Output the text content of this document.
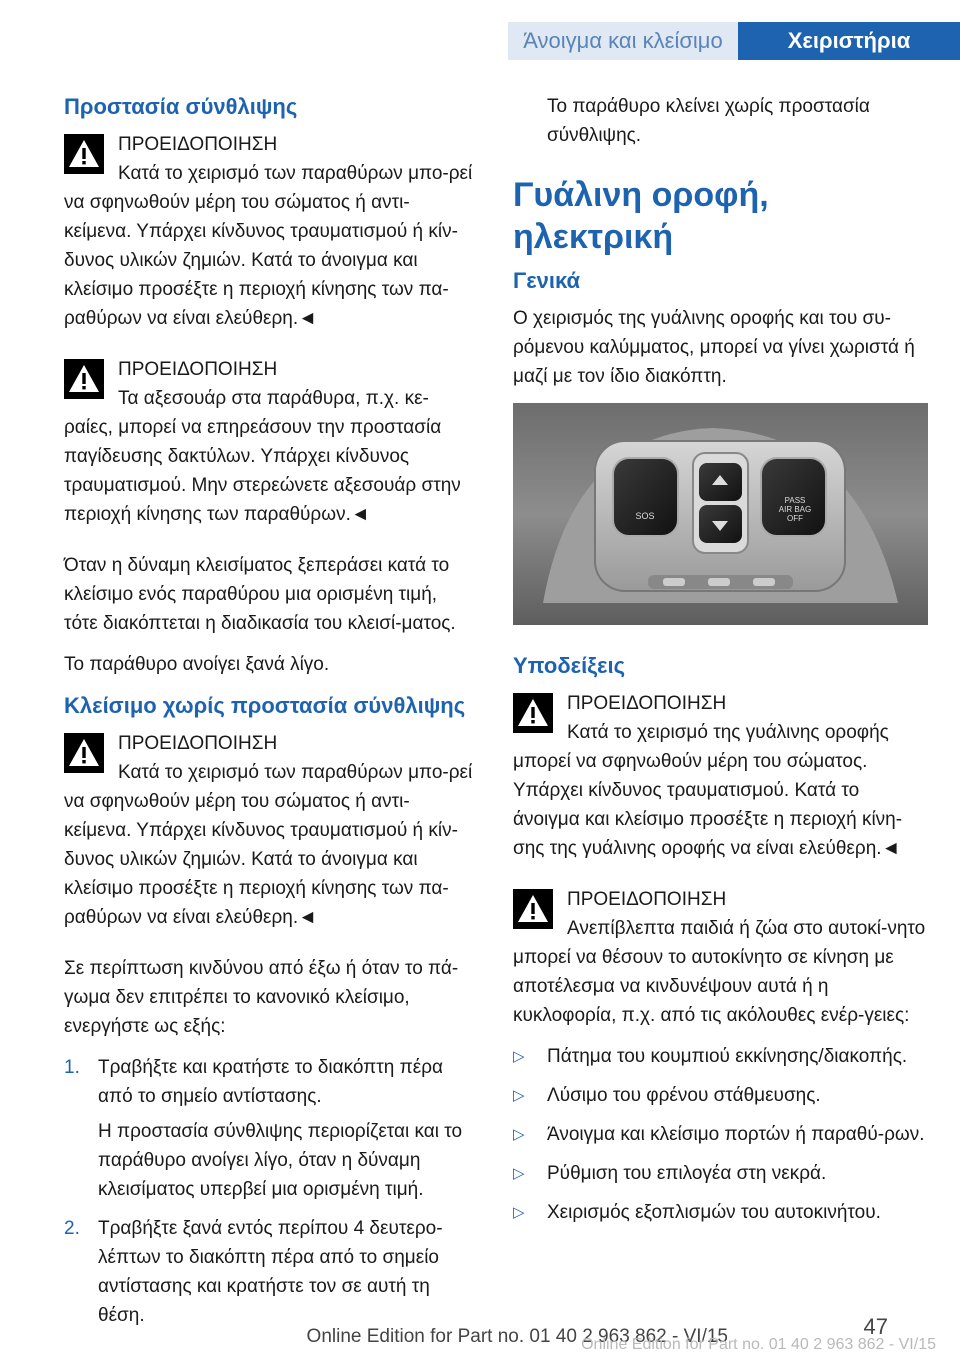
Άνοιγμα και κλείσιμο	Χειριστήρια
Προστασία σύνθλιψης
ΠΡΟΕΙΔΟΠΟΙΗΣΗ
Κατά το χειρισμό των παραθύρων μπο-ρεί να σφηνωθούν μέρη του σώματος ή αντι-κείμενα. Υπάρχει κίνδυνος τραυματισμού ή κίν-δυνος υλικών ζημιών. Κατά το άνοιγμα και κλείσιμο προσέξτε η περιοχή κίνησης των πα-ραθύρων να είναι ελεύθερη.◄
ΠΡΟΕΙΔΟΠΟΙΗΣΗ
Τα αξεσουάρ στα παράθυρα, π.χ. κε-ραίες, μπορεί να επηρεάσουν την προστασία παγίδευσης δακτύλων. Υπάρχει κίνδυνος τραυματισμού. Μην στερεώνετε αξεσουάρ στην περιοχή κίνησης των παραθύρων.◄
Όταν η δύναμη κλεισίματος ξεπεράσει κατά το κλείσιμο ενός παραθύρου μια ορισμένη τιμή, τότε διακόπτεται η διαδικασία του κλεισί-ματος.
Το παράθυρο ανοίγει ξανά λίγο.
Κλείσιμο χωρίς προστασία σύνθλιψης
ΠΡΟΕΙΔΟΠΟΙΗΣΗ
Κατά το χειρισμό των παραθύρων μπο-ρεί να σφηνωθούν μέρη του σώματος ή αντι-κείμενα. Υπάρχει κίνδυνος τραυματισμού ή κίν-δυνος υλικών ζημιών. Κατά το άνοιγμα και κλείσιμο προσέξτε η περιοχή κίνησης των πα-ραθύρων να είναι ελεύθερη.◄
Σε περίπτωση κινδύνου από έξω ή όταν το πά-γωμα δεν επιτρέπει το κανονικό κλείσιμο, ενεργήστε ως εξής:
1. Τραβήξτε και κρατήστε το διακόπτη πέρα από το σημείο αντίστασης.
Η προστασία σύνθλιψης περιορίζεται και το παράθυρο ανοίγει λίγο, όταν η δύναμη κλεισίματος υπερβεί μια ορισμένη τιμή.
2. Τραβήξτε ξανά εντός περίπου 4 δευτερο-λέπτων το διακόπτη πέρα από το σημείο αντίστασης και κρατήστε τον σε αυτή τη θέση.
Το παράθυρο κλείνει χωρίς προστασία σύνθλιψης.
Γυάλινη οροφή, ηλεκτρική
Γενικά
Ο χειρισμός της γυάλινης οροφής και του συ-ρόμενου καλύμματος, μπορεί να γίνει χωριστά ή μαζί με τον ίδιο διακόπτη.
SOS
PASS
AIR BAG
OFF
Υποδείξεις
ΠΡΟΕΙΔΟΠΟΙΗΣΗ
Κατά το χειρισμό της γυάλινης οροφής μπορεί να σφηνωθούν μέρη του σώματος. Υπάρχει κίνδυνος τραυματισμού. Κατά το άνοιγμα και κλείσιμο προσέξτε η περιοχή κίνη-σης της γυάλινης οροφής να είναι ελεύθερη.◄
ΠΡΟΕΙΔΟΠΟΙΗΣΗ
Ανεπίβλεπτα παιδιά ή ζώα στο αυτοκί-νητο μπορεί να θέσουν το αυτοκίνητο σε κίνηση με αποτέλεσμα να κινδυνέψουν αυτά ή η κυκλοφορία, π.χ. από τις ακόλουθες ενέρ-γειες:
▷ Πάτημα του κουμπιού εκκίνησης/διακοπής.
▷ Λύσιμο του φρένου στάθμευσης.
▷ Άνοιγμα και κλείσιμο πορτών ή παραθύ-ρων.
▷ Ρύθμιση του επιλογέα στη νεκρά.
▷ Χειρισμός εξοπλισμών του αυτοκινήτου.
Online Edition for Part no. 01 40 2 963 862 - VI/15	47
Online Edition for Part no. 01 40 2 963 862 - VI/15
